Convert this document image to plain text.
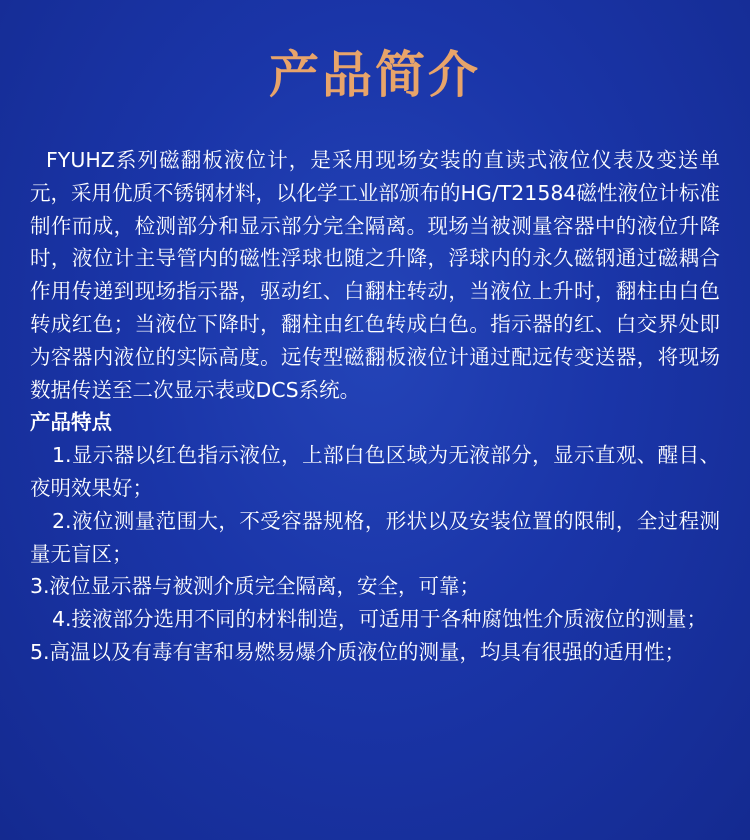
产品简介

FYUHZ系列磁翻板液位计，是采用现场安装的直读式液位仪表及变送单元，采用优质不锈钢材料，以化学工业部颁布的HG/T21584磁性液位计标准制作而成，检测部分和显示部分完全隔离。现场当被测量容器中的液位升降时，液位计主导管内的磁性浮球也随之升降，浮球内的永久磁钢通过磁耦合作用传递到现场指示器，驱动红、白翻柱转动，当液位上升时，翻柱由白色转成红色；当液位下降时，翻柱由红色转成白色。指示器的红、白交界处即为容器内液位的实际高度。远传型磁翻板液位计通过配远传变送器，将现场数据传送至二次显示表或DCS系统。

产品特点

1.显示器以红色指示液位，上部白色区域为无液部分，显示直观、醒目、夜明效果好；

2.液位测量范围大，不受容器规格，形状以及安装位置的限制，全过程测量无盲区；

3.液位显示器与被测介质完全隔离，安全，可靠；

4.接液部分选用不同的材料制造，可适用于各种腐蚀性介质液位的测量；

5.高温以及有毒有害和易燃易爆介质液位的测量，均具有很强的适用性；
